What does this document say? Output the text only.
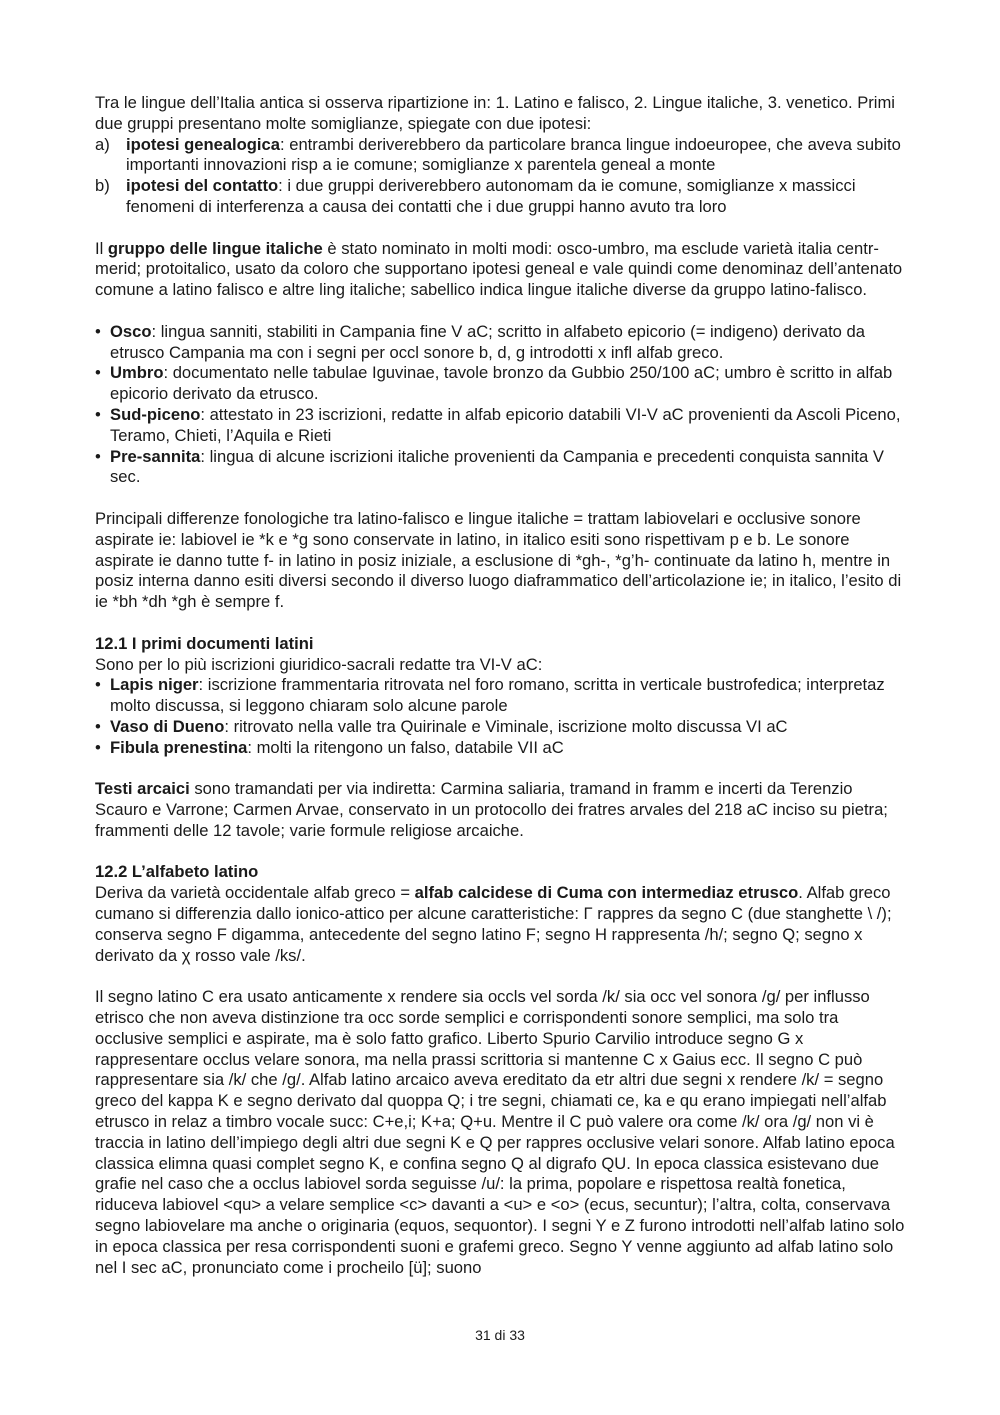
Tra le lingue dell’Italia antica si osserva ripartizione in: 1. Latino e falisco, 2. Lingue italiche, 3. venetico. Primi due gruppi presentano molte somiglianze, spiegate con due ipotesi:

a) ipotesi genealogica: entrambi deriverebbero da particolare branca lingue indoeuropee, che aveva subito importanti innovazioni risp a ie comune; somiglianze x parentela geneal a monte
b) ipotesi del contatto: i due gruppi deriverebbero autonomam da ie comune, somiglianze x massicci fenomeni di interferenza a causa dei contatti che i due gruppi hanno avuto tra loro

Il gruppo delle lingue italiche è stato nominato in molti modi: osco-umbro, ma esclude varietà italia centr-merid; protoitalico, usato da coloro che supportano ipotesi geneal e vale quindi come denominaz dell’antenato comune a latino falisco e altre ling italiche; sabellico indica lingue italiche diverse da gruppo latino-falisco.

• Osco: lingua sanniti, stabiliti in Campania fine V aC; scritto in alfabeto epicorio (= indigeno) derivato da etrusco Campania ma con i segni per occl sonore b, d, g introdotti x infl alfab greco.
• Umbro: documentato nelle tabulae Iguvinae, tavole bronzo da Gubbio 250/100 aC; umbro è scritto in alfab epicorio derivato da etrusco.
• Sud-piceno: attestato in 23 iscrizioni, redatte in alfab epicorio databili VI-V aC provenienti da Ascoli Piceno, Teramo, Chieti, l’Aquila e Rieti
• Pre-sannita: lingua di alcune iscrizioni italiche provenienti da Campania e precedenti conquista sannita V sec.

Principali differenze fonologiche tra latino-falisco e lingue italiche = trattam labiovelari e occlusive sonore aspirate ie: labiovel ie *k e *g sono conservate in latino, in italico esiti sono rispettivam p e b. Le sonore aspirate ie danno tutte f- in latino in posiz iniziale, a esclusione di *gh-, *g’h- continuate da latino h, mentre in posiz interna danno esiti diversi secondo il diverso luogo diaframmatico dell’articolazione ie; in italico, l’esito di ie *bh *dh *gh è sempre f.

12.1 I primi documenti latini

Sono per lo più iscrizioni giuridico-sacrali redatte tra VI-V aC:

• Lapis niger: iscrizione frammentaria ritrovata nel foro romano, scritta in verticale bustrofedica; interpretaz molto discussa, si leggono chiaram solo alcune parole
• Vaso di Dueno: ritrovato nella valle tra Quirinale e Viminale, iscrizione molto discussa VI aC
• Fibula prenestina: molti la ritengono un falso, databile VII aC

Testi arcaici sono tramandati per via indiretta: Carmina saliaria, tramand in framm e incerti da Terenzio Scauro e Varrone; Carmen Arvae, conservato in un protocollo dei fratres arvales del 218 aC inciso su pietra; frammenti delle 12 tavole; varie formule religiose arcaiche.

12.2 L’alfabeto latino

Deriva da varietà occidentale alfab greco = alfab calcidese di Cuma con intermediaz etrusco. Alfab greco cumano si differenzia dallo ionico-attico per alcune caratteristiche: Γ rappres da segno C (due stanghette \ /); conserva segno F digamma, antecedente del segno latino F; segno H rappresenta /h/; segno Q; segno x derivato da χ rosso vale /ks/.

Il segno latino C era usato anticamente x rendere sia occls vel sorda /k/ sia occ vel sonora /g/ per influsso etrisco che non aveva distinzione tra occ sorde semplici e corrispondenti sonore semplici, ma solo tra occlusive semplici e aspirate, ma è solo fatto grafico. Liberto Spurio Carvilio introduce segno G x rappresentare occlus velare sonora, ma nella prassi scrittoria si mantenne C x Gaius ecc. Il segno C può rappresentare sia /k/ che /g/. Alfab latino arcaico aveva ereditato da etr altri due segni x rendere /k/ = segno greco del kappa K e segno derivato dal quoppa Q; i tre segni, chiamati ce, ka e qu erano impiegati nell’alfab etrusco in relaz a timbro vocale succ: C+e,i; K+a; Q+u. Mentre il C può valere ora come /k/ ora /g/ non vi è traccia in latino dell’impiego degli altri due segni K e Q per rappres occlusive velari sonore. Alfab latino epoca classica elimna quasi complet segno K, e confina segno Q al digrafo QU. In epoca classica esistevano due grafie nel caso che a occlus labiovel sorda seguisse /u/: la prima, popolare e rispettosa realtà fonetica, riduceva labiovel <qu> a velare semplice <c> davanti a <u> e <o> (ecus, secuntur); l’altra, colta, conservava segno labiovelare ma anche o originaria (equos, sequontor). I segni Y e Z furono introdotti nell’alfab latino solo in epoca classica per resa corrispondenti suoni e grafemi greco. Segno Y venne aggiunto ad alfab latino solo nel I sec aC, pronunciato come i procheilo [ü]; suono

31 di 33
